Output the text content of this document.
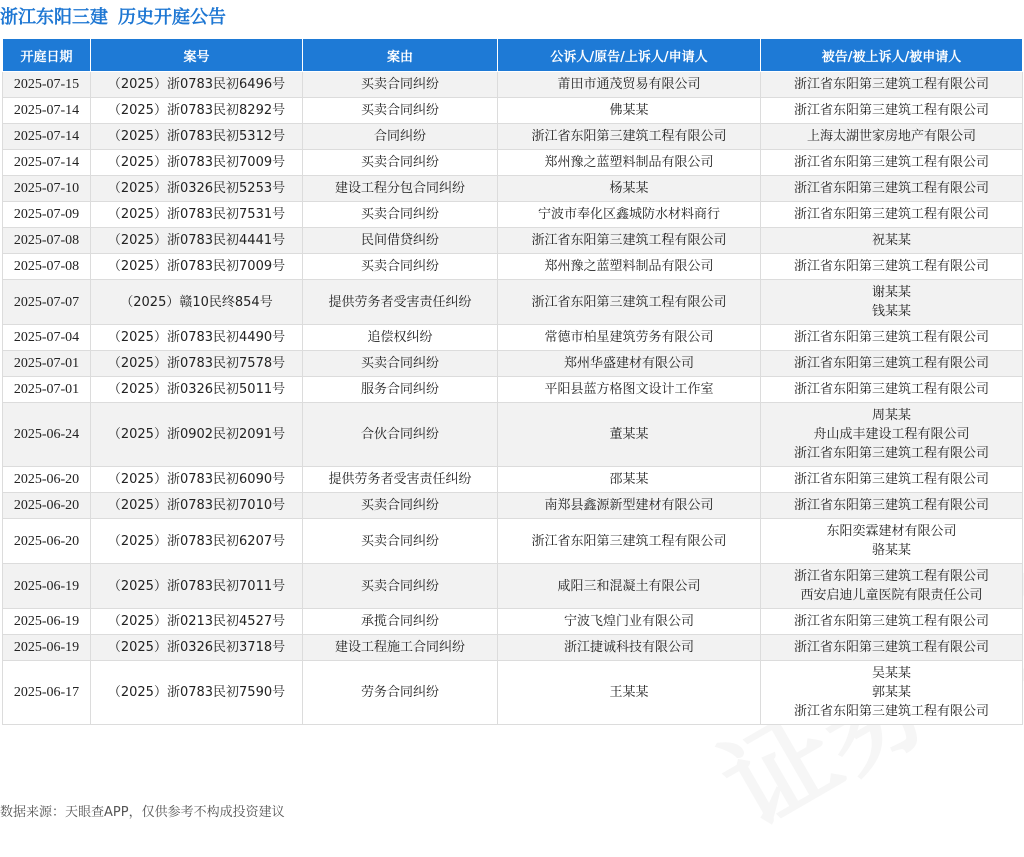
浙江东阳三建 历史开庭公告
开庭日期	案号	案由	公诉人/原告/上诉人/申请人	被告/被上诉人/被申请人
2025-07-15	（2025）浙0783民初6496号	买卖合同纠纷	莆田市通茂贸易有限公司	浙江省东阳第三建筑工程有限公司

2025-07-14	（2025）浙0783民初8292号	买卖合同纠纷	佛某某	浙江省东阳第三建筑工程有限公司

2025-07-14	（2025）浙0783民初5312号	合同纠纷	浙江省东阳第三建筑工程有限公司	上海太湖世家房地产有限公司

2025-07-14	（2025）浙0783民初7009号	买卖合同纠纷	郑州豫之蓝塑料制品有限公司	浙江省东阳第三建筑工程有限公司

2025-07-10	（2025）浙0326民初5253号	建设工程分包合同纠纷	杨某某	浙江省东阳第三建筑工程有限公司

2025-07-09	（2025）浙0783民初7531号	买卖合同纠纷	宁波市奉化区鑫城防水材料商行	浙江省东阳第三建筑工程有限公司

2025-07-08	（2025）浙0783民初4441号	民间借贷纠纷	浙江省东阳第三建筑工程有限公司	祝某某

2025-07-08	（2025）浙0783民初7009号	买卖合同纠纷	郑州豫之蓝塑料制品有限公司	浙江省东阳第三建筑工程有限公司

2025-07-07	（2025）赣10民终854号	提供劳务者受害责任纠纷	浙江省东阳第三建筑工程有限公司	谢某某
钱某某

2025-07-04	（2025）浙0783民初4490号	追偿权纠纷	常德市柏星建筑劳务有限公司	浙江省东阳第三建筑工程有限公司

2025-07-01	（2025）浙0783民初7578号	买卖合同纠纷	郑州华盛建材有限公司	浙江省东阳第三建筑工程有限公司

2025-07-01	（2025）浙0326民初5011号	服务合同纠纷	平阳县蓝方格图文设计工作室	浙江省东阳第三建筑工程有限公司

2025-06-24	（2025）浙0902民初2091号	合伙合同纠纷	董某某	周某某
舟山成丰建设工程有限公司
浙江省东阳第三建筑工程有限公司

2025-06-20	（2025）浙0783民初6090号	提供劳务者受害责任纠纷	邵某某	浙江省东阳第三建筑工程有限公司

2025-06-20	（2025）浙0783民初7010号	买卖合同纠纷	南郑县鑫源新型建材有限公司	浙江省东阳第三建筑工程有限公司

2025-06-20	（2025）浙0783民初6207号	买卖合同纠纷	浙江省东阳第三建筑工程有限公司	东阳奕霖建材有限公司
骆某某

2025-06-19	（2025）浙0783民初7011号	买卖合同纠纷	咸阳三和混凝土有限公司	浙江省东阳第三建筑工程有限公司
西安启迪儿童医院有限责任公司

2025-06-19	（2025）浙0213民初4527号	承揽合同纠纷	宁波飞煌门业有限公司	浙江省东阳第三建筑工程有限公司

2025-06-19	（2025）浙0326民初3718号	建设工程施工合同纠纷	浙江捷诚科技有限公司	浙江省东阳第三建筑工程有限公司

2025-06-17	（2025）浙0783民初7590号	劳务合同纠纷	王某某	吴某某
郭某某
浙江省东阳第三建筑工程有限公司
数据来源：天眼查APP，仅供参考不构成投资建议
